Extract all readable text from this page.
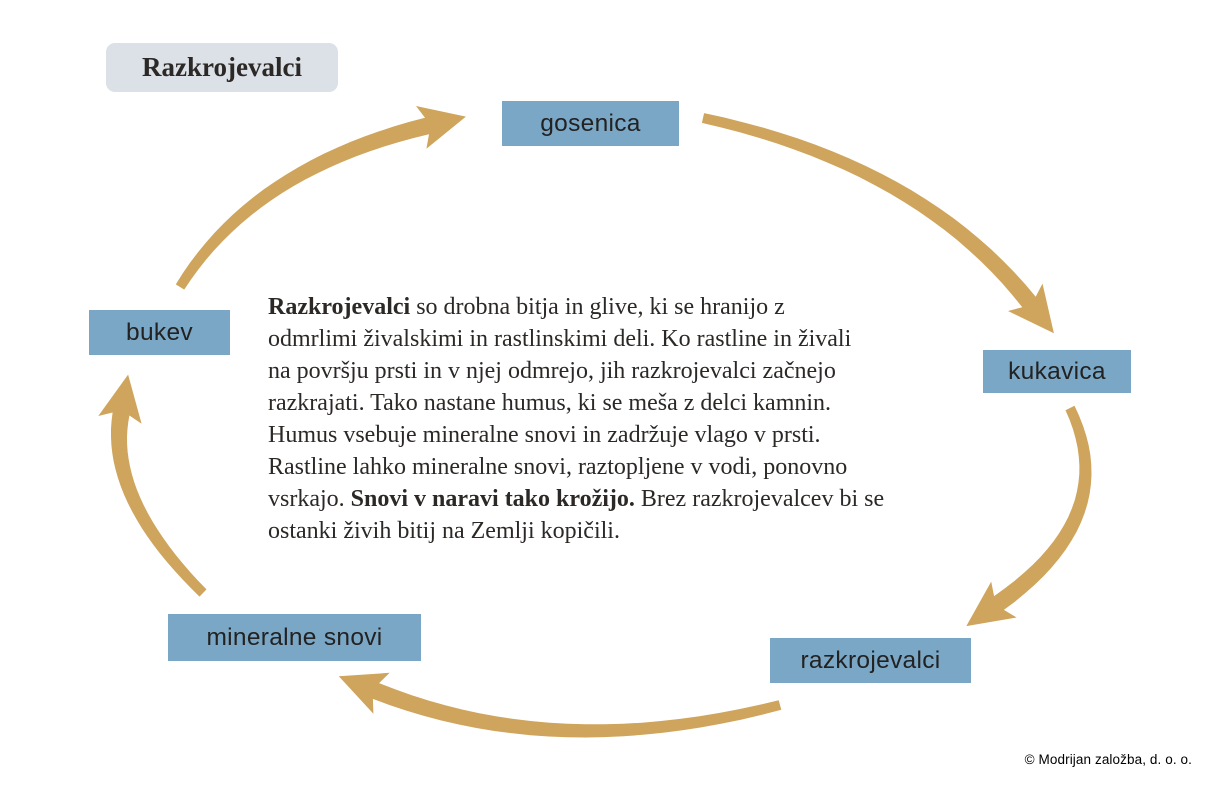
Razkrojevalci
gosenica
kukavica
razkrojevalci
mineralne snovi
bukev
Razkrojevalci so drobna bitja in glive, ki se hranijo z
odmrlimi živalskimi in rastlinskimi deli. Ko rastline in živali
na površju prsti in v njej odmrejo, jih razkrojevalci začnejo
razkrajati. Tako nastane humus, ki se meša z delci kamnin.
Humus vsebuje mineralne snovi in zadržuje vlago v prsti.
Rastline lahko mineralne snovi, raztopljene v vodi, ponovno
vsrkajo. Snovi v naravi tako krožijo. Brez razkrojevalcev bi se
ostanki živih bitij na Zemlji kopičili.
© Modrijan založba, d. o. o.
